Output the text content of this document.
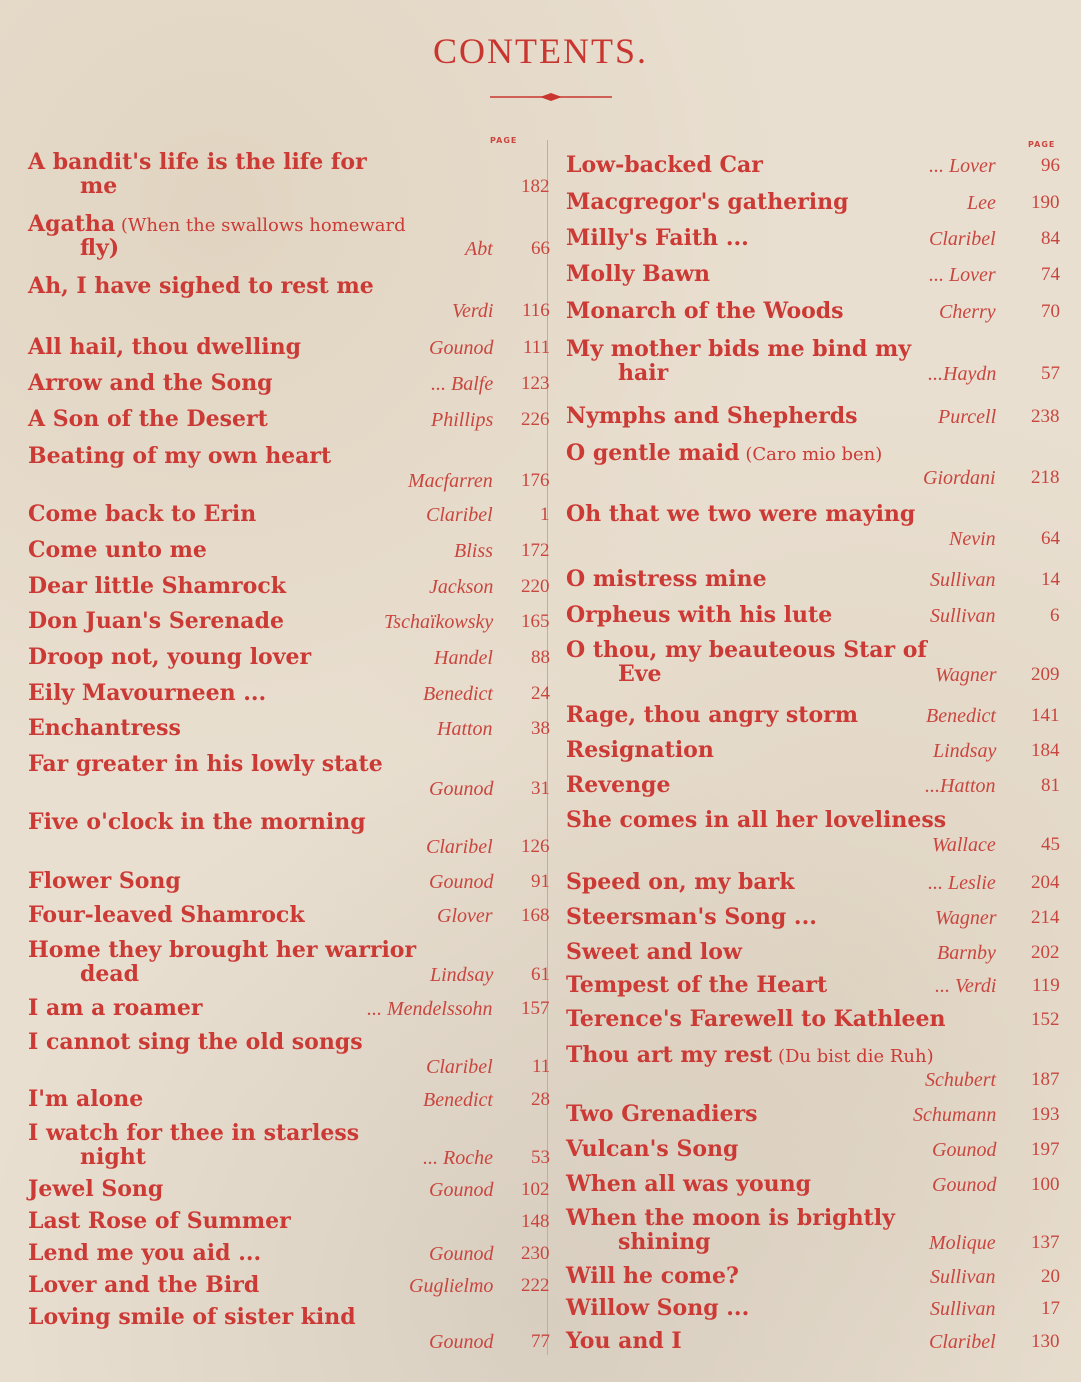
CONTENTS.
PAGE	PAGE
A bandit's life is the life for
me	182
Agatha (When the swallows homeward
fly)	Abt 66
Ah, I have sighed to rest me
Verdi 116
All hail, thou dwelling	Gounod 111
Arrow and the Song	... Balfe 123
A Son of the Desert	Phillips 226
Beating of my own heart
Macfarren 176
Come back to Erin	Claribel 1
Come unto me	Bliss 172
Dear little Shamrock	Jackson 220
Don Juan's Serenade	Tschaïkowsky 165
Droop not, young lover	Handel 88
Eily Mavourneen ...	Benedict 24
Enchantress	Hatton 38
Far greater in his lowly state
Gounod 31
Five o'clock in the morning
Claribel 126
Flower Song	Gounod 91
Four-leaved Shamrock	Glover 168
Home they brought her warrior
dead	Lindsay 61
I am a roamer	... Mendelssohn 157
I cannot sing the old songs
Claribel 11
I'm alone	Benedict 28
I watch for thee in starless
night	... Roche 53
Jewel Song	Gounod 102
Last Rose of Summer	148
Lend me you aid ...	Gounod 230
Lover and the Bird	Guglielmo 222
Loving smile of sister kind
Gounod 77
Low-backed Car	... Lover 96
Macgregor's gathering	Lee 190
Milly's Faith ...	Claribel 84
Molly Bawn	... Lover 74
Monarch of the Woods	Cherry 70
My mother bids me bind my
hair	...Haydn 57
Nymphs and Shepherds	Purcell 238
O gentle maid (Caro mio ben)
Giordani 218
Oh that we two were maying
Nevin 64
O mistress mine	Sullivan 14
Orpheus with his lute	Sullivan	6
O thou, my beauteous Star of
Eve	Wagner 209
Rage, thou angry storm	Benedict 141
Resignation	Lindsay 184
Revenge	...Hatton 81
She comes in all her loveliness
Wallace 45
Speed on, my bark	... Leslie 204
Steersman's Song ...	Wagner 214
Sweet and low	Barnby 202
Tempest of the Heart	... Verdi 119
Terence's Farewell to Kathleen	152
Thou art my rest (Du bist die Ruh)
Schubert 187
Two Grenadiers	Schumann 193
Vulcan's Song	Gounod 197
When all was young	Gounod 100
When the moon is brightly
shining	Molique 137
Will he come?	Sullivan 20
Willow Song ...	Sullivan 17
You and I	Claribel 130
